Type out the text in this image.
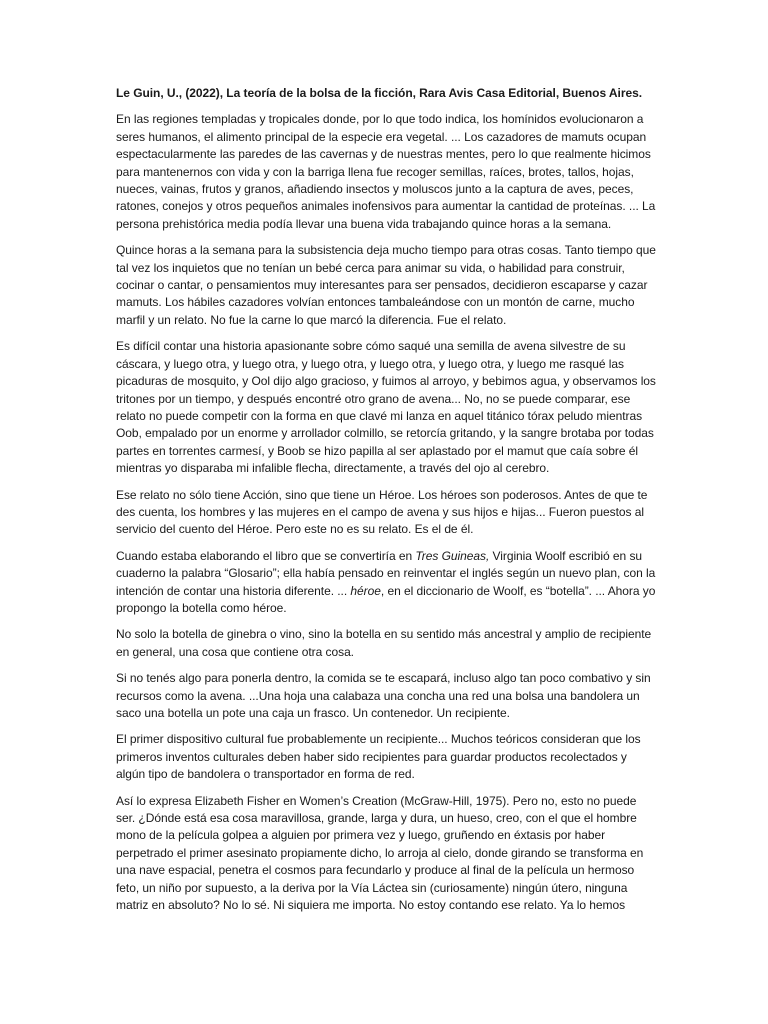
Le Guin, U., (2022), La teoría de la bolsa de la ficción, Rara Avis Casa Editorial, Buenos Aires.

En las regiones templadas y tropicales donde, por lo que todo indica, los homínidos evolucionaron a seres humanos, el alimento principal de la especie era vegetal. ... Los cazadores de mamuts ocupan espectacularmente las paredes de las cavernas y de nuestras mentes, pero lo que realmente hicimos para mantenernos con vida y con la barriga llena fue recoger semillas, raíces, brotes, tallos, hojas, nueces, vainas, frutos y granos, añadiendo insectos y moluscos junto a la captura de aves, peces, ratones, conejos y otros pequeños animales inofensivos para aumentar la cantidad de proteínas. ... La persona prehistórica media podía llevar una buena vida trabajando quince horas a la semana.

Quince horas a la semana para la subsistencia deja mucho tiempo para otras cosas. Tanto tiempo que tal vez los inquietos que no tenían un bebé cerca para animar su vida, o habilidad para construir, cocinar o cantar, o pensamientos muy interesantes para ser pensados, decidieron escaparse y cazar mamuts. Los hábiles cazadores volvían entonces tambaleándose con un montón de carne, mucho marfil y un relato. No fue la carne lo que marcó la diferencia. Fue el relato.

Es difícil contar una historia apasionante sobre cómo saqué una semilla de avena silvestre de su cáscara, y luego otra, y luego otra, y luego otra, y luego otra, y luego otra, y luego me rasqué las picaduras de mosquito, y Ool dijo algo gracioso, y fuimos al arroyo, y bebimos agua, y observamos los tritones por un tiempo, y después encontré otro grano de avena... No, no se puede comparar, ese relato no puede competir con la forma en que clavé mi lanza en aquel titánico tórax peludo mientras Oob, empalado por un enorme y arrollador colmillo, se retorcía gritando, y la sangre brotaba por todas partes en torrentes carmesí, y Boob se hizo papilla al ser aplastado por el mamut que caía sobre él mientras yo disparaba mi infalible flecha, directamente, a través del ojo al cerebro.

Ese relato no sólo tiene Acción, sino que tiene un Héroe. Los héroes son poderosos. Antes de que te des cuenta, los hombres y las mujeres en el campo de avena y sus hijos e hijas... Fueron puestos al servicio del cuento del Héroe. Pero este no es su relato. Es el de él.

Cuando estaba elaborando el libro que se convertiría en Tres Guineas, Virginia Woolf escribió en su cuaderno la palabra “Glosario”; ella había pensado en reinventar el inglés según un nuevo plan, con la intención de contar una historia diferente. ... héroe, en el diccionario de Woolf, es “botella”. ... Ahora yo propongo la botella como héroe.

No solo la botella de ginebra o vino, sino la botella en su sentido más ancestral y amplio de recipiente en general, una cosa que contiene otra cosa.

Si no tenés algo para ponerla dentro, la comida se te escapará, incluso algo tan poco combativo y sin recursos como la avena. ...Una hoja una calabaza una concha una red una bolsa una bandolera un saco una botella un pote una caja un frasco. Un contenedor. Un recipiente.

El primer dispositivo cultural fue probablemente un recipiente... Muchos teóricos consideran que los primeros inventos culturales deben haber sido recipientes para guardar productos recolectados y algún tipo de bandolera o transportador en forma de red.

Así lo expresa Elizabeth Fisher en Women’s Creation (McGraw-Hill, 1975). Pero no, esto no puede ser. ¿Dónde está esa cosa maravillosa, grande, larga y dura, un hueso, creo, con el que el hombre mono de la película golpea a alguien por primera vez y luego, gruñendo en éxtasis por haber perpetrado el primer asesinato propiamente dicho, lo arroja al cielo, donde girando se transforma en una nave espacial, penetra el cosmos para fecundarlo y produce al final de la película un hermoso feto, un niño por supuesto, a la deriva por la Vía Láctea sin (curiosamente) ningún útero, ninguna matriz en absoluto? No lo sé. Ni siquiera me importa. No estoy contando ese relato. Ya lo hemos
